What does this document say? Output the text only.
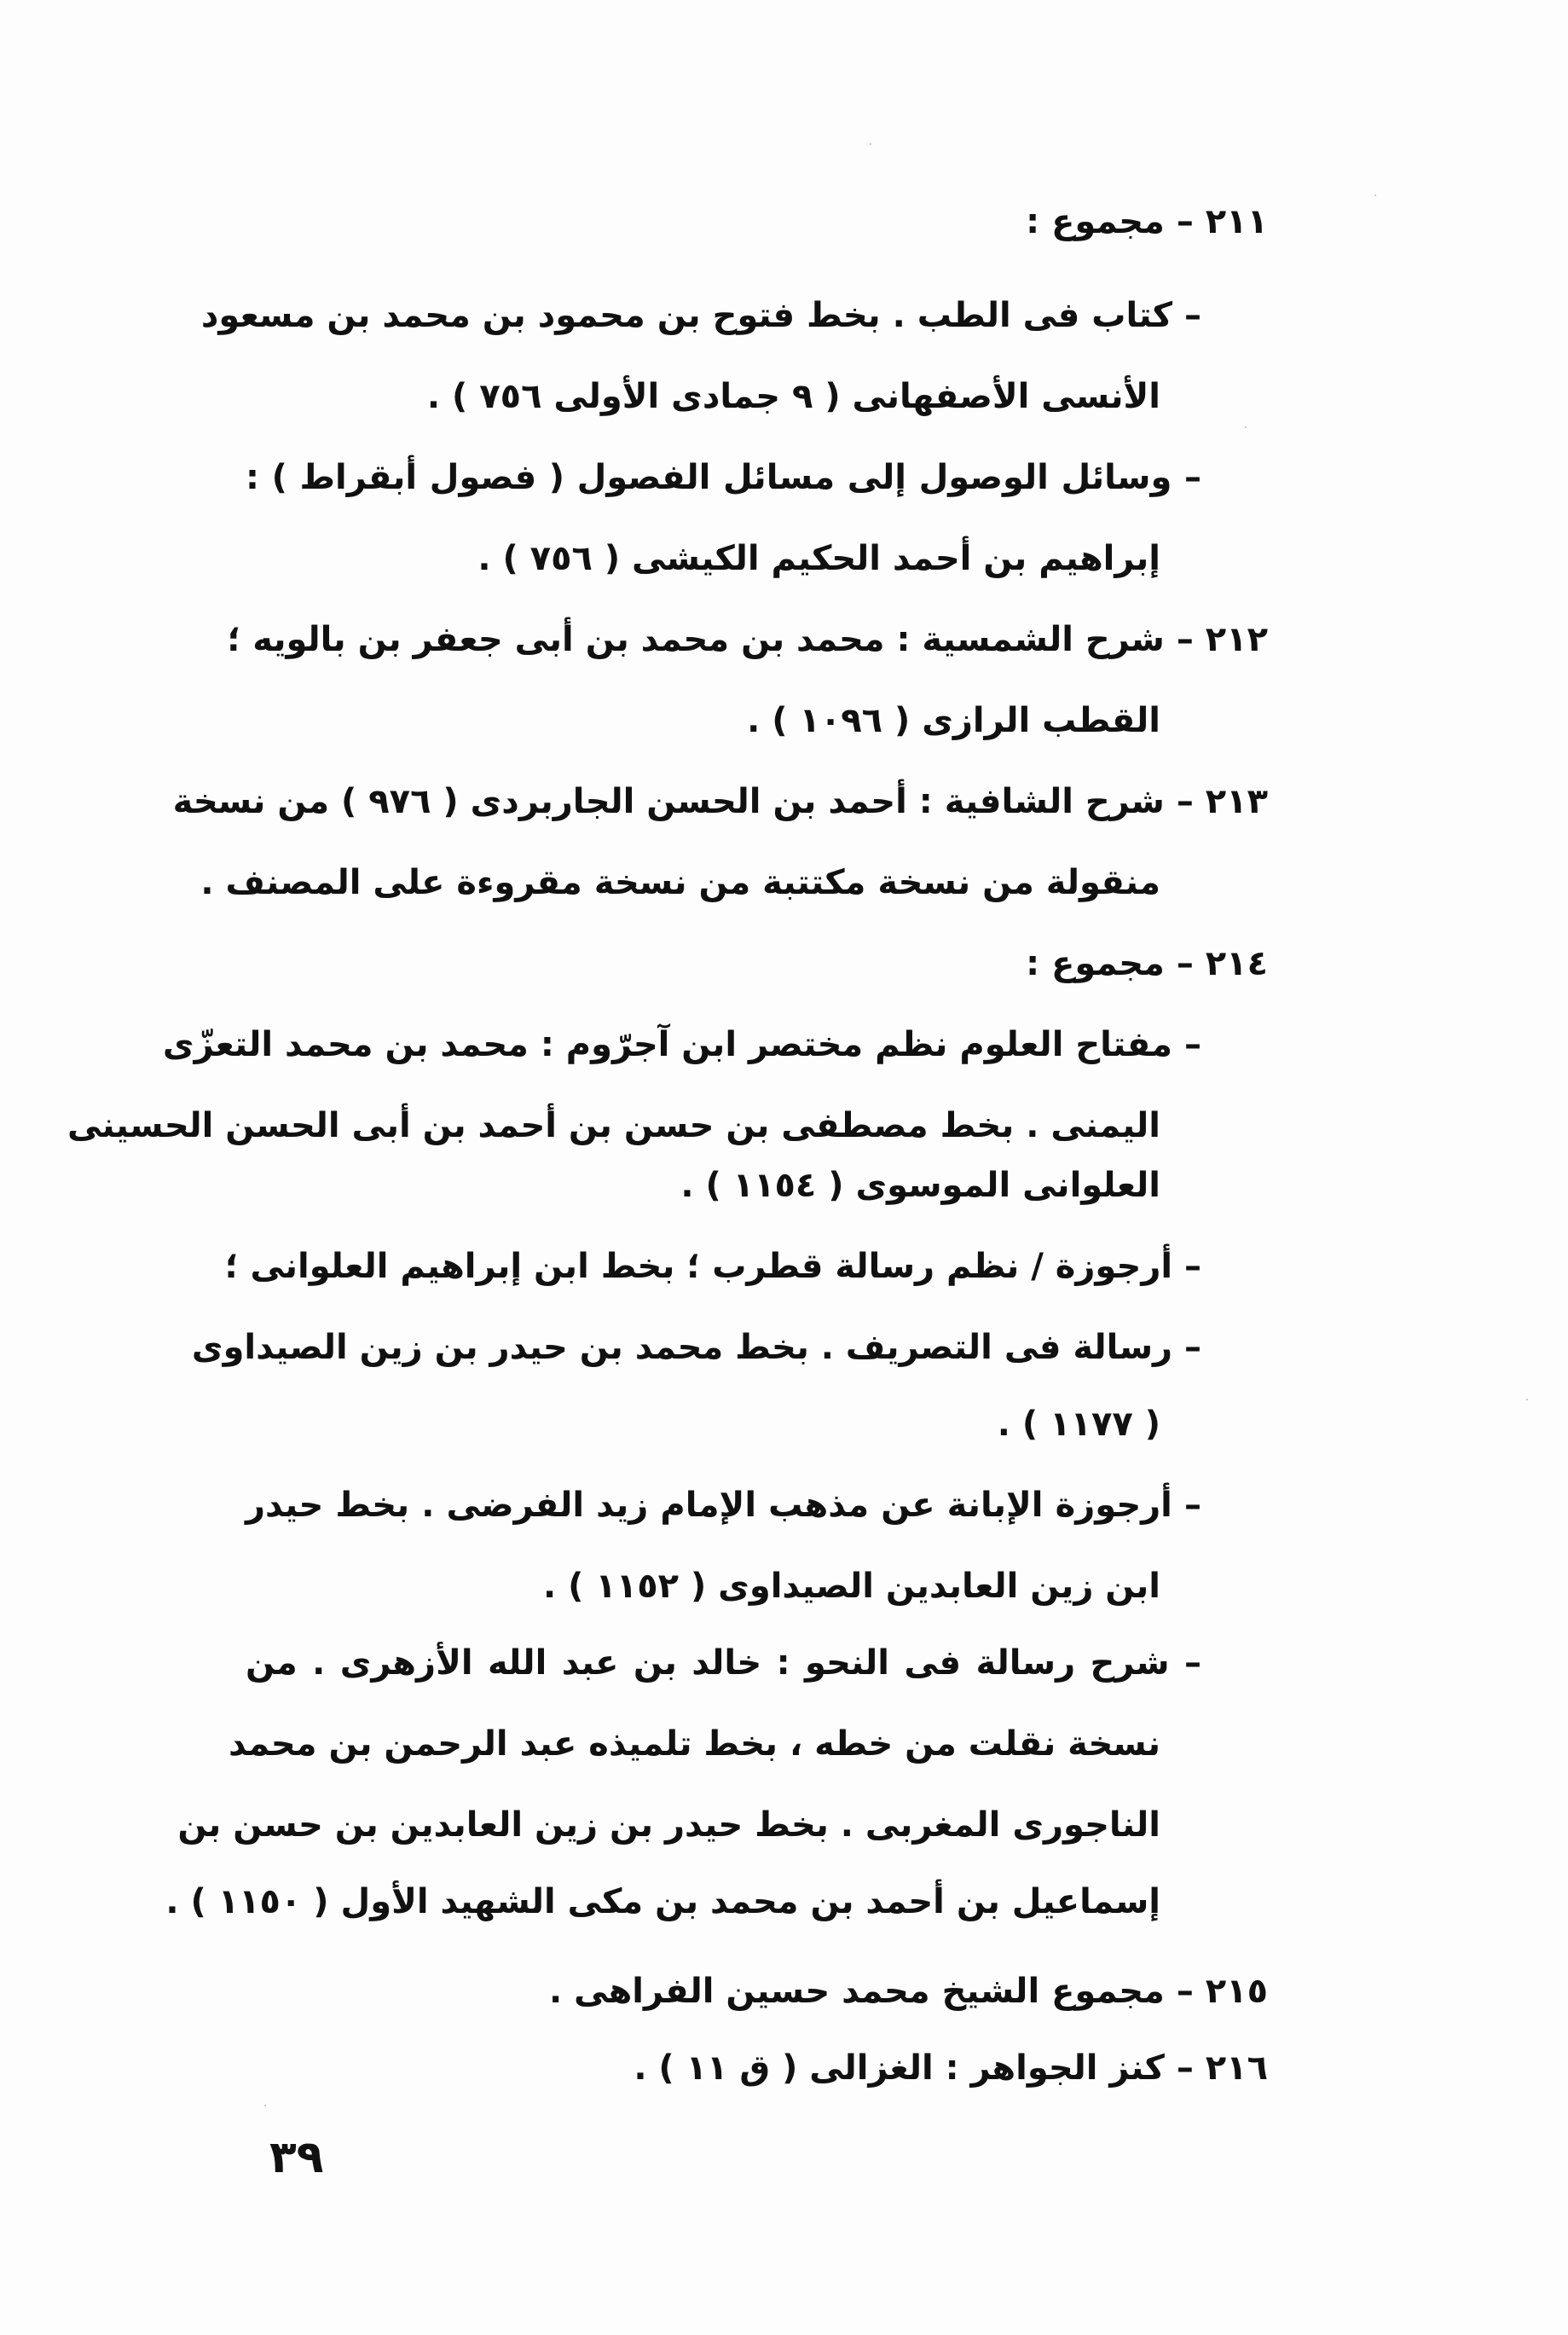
٢١١ – مجموع :
– كتاب فى الطب . بخط فتوح بن محمود بن محمد بن مسعود
الأنسى الأصفهانى ( ٩ جمادى الأولى ٧٥٦ ) .
– وسائل الوصول إلى مسائل الفصول ( فصول أبقراط ) :
إبراهيم بن أحمد الحكيم الكيشى ( ٧٥٦ ) .
٢١٢ – شرح الشمسية : محمد بن محمد بن أبى جعفر بن بالويه ؛
القطب الرازى ( ١٠٩٦ ) .
٢١٣ – شرح الشافية : أحمد بن الحسن الجاربردى ( ٩٧٦ ) من نسخة
منقولة من نسخة مكتتبة من نسخة مقروءة على المصنف .
٢١٤ – مجموع :
– مفتاح العلوم نظم مختصر ابن آجرّوم : محمد بن محمد التعزّى
اليمنى . بخط مصطفى بن حسن بن أحمد بن أبى الحسن الحسينى
العلوانى الموسوى ( ١١٥٤ ) .
– أرجوزة / نظم رسالة قطرب ؛ بخط ابن إبراهيم العلوانى ؛
– رسالة فى التصريف . بخط محمد بن حيدر بن زين الصيداوى
( ١١٧٧ ) .
– أرجوزة الإبانة عن مذهب الإمام زيد الفرضى . بخط حيدر
ابن زين العابدين الصيداوى ( ١١٥٢ ) .
– شرح رسالة فى النحو : خالد بن عبد الله الأزهرى . من
نسخة نقلت من خطه ، بخط تلميذه عبد الرحمن بن محمد
الناجورى المغربى . بخط حيدر بن زين العابدين بن حسن بن
إسماعيل بن أحمد بن محمد بن مكى الشهيد الأول ( ١١٥٠ ) .
٢١٥ – مجموع الشيخ محمد حسين الفراهى .
٢١٦ – كنز الجواهر : الغزالى ( ق ١١ ) .
٣٩
